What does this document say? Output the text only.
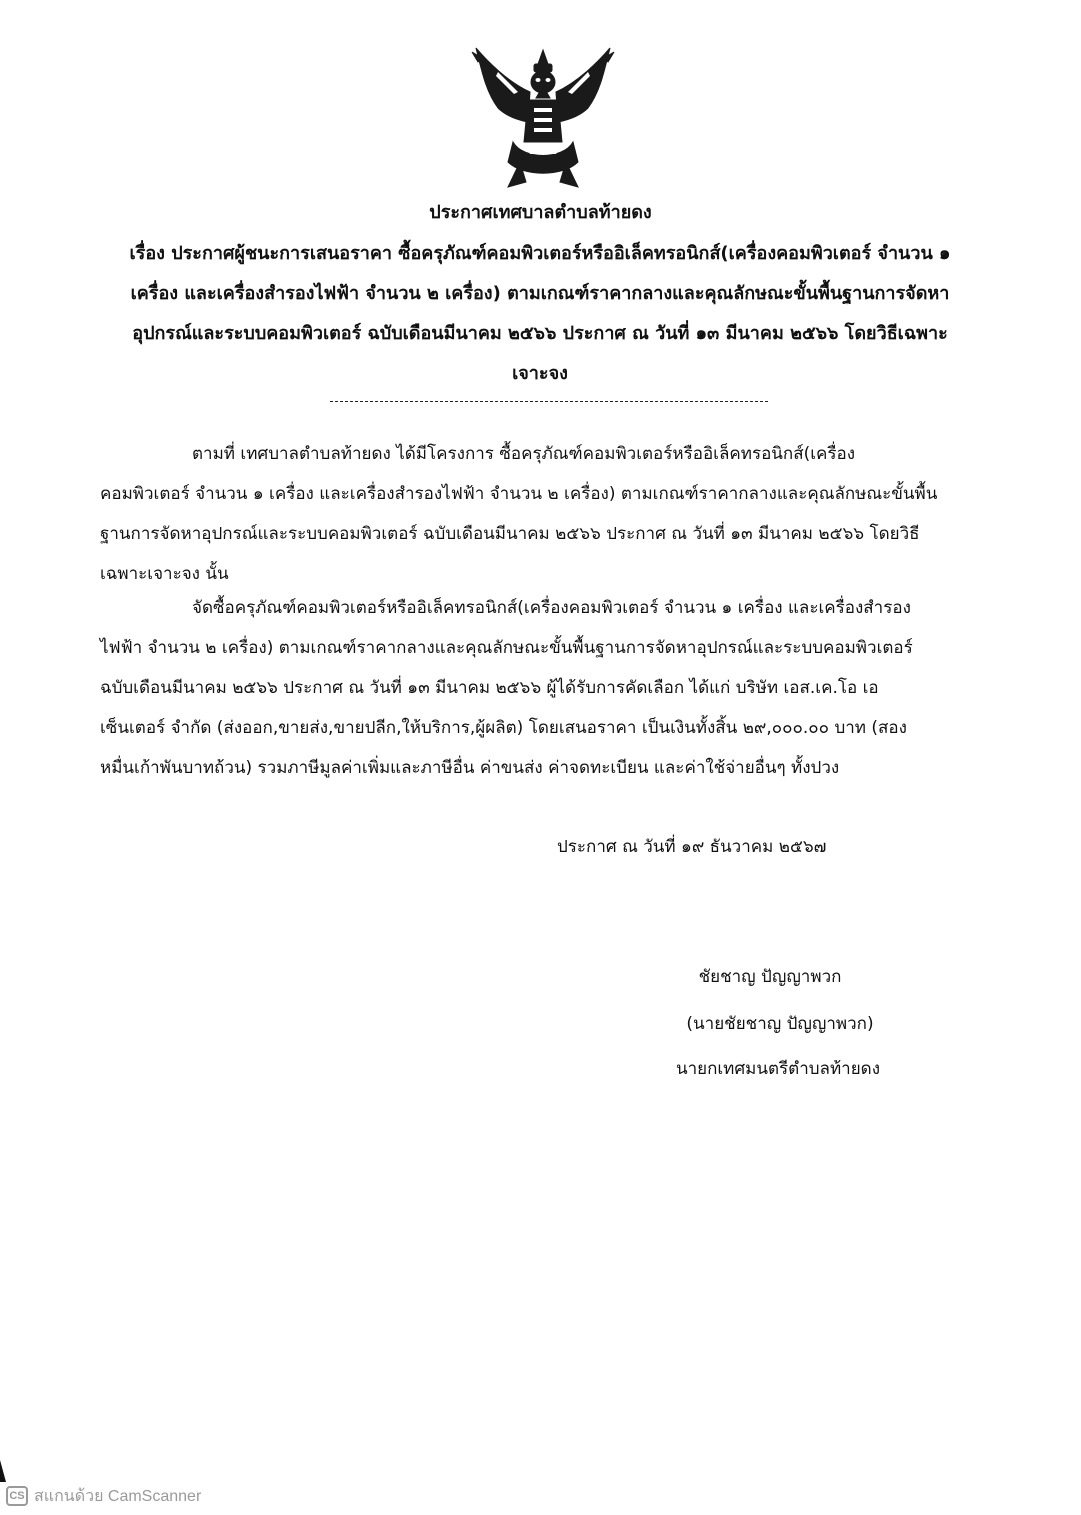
ประกาศเทศบาลตำบลท้ายดง
เรื่อง ประกาศผู้ชนะการเสนอราคา ซื้อครุภัณฑ์คอมพิวเตอร์หรืออิเล็คทรอนิกส์(เครื่องคอมพิวเตอร์ จำนวน ๑
เครื่อง และเครื่องสำรองไฟฟ้า จำนวน ๒ เครื่อง) ตามเกณฑ์ราคากลางและคุณลักษณะขั้นพื้นฐานการจัดหา
อุปกรณ์และระบบคอมพิวเตอร์ ฉบับเดือนมีนาคม ๒๕๖๖ ประกาศ ณ วันที่ ๑๓ มีนาคม ๒๕๖๖ โดยวิธีเฉพาะ
เจาะจง
ตามที่ เทศบาลตำบลท้ายดง ได้มีโครงการ ซื้อครุภัณฑ์คอมพิวเตอร์หรืออิเล็คทรอนิกส์(เครื่อง
คอมพิวเตอร์ จำนวน ๑ เครื่อง และเครื่องสำรองไฟฟ้า จำนวน ๒ เครื่อง) ตามเกณฑ์ราคากลางและคุณลักษณะขั้นพื้น
ฐานการจัดหาอุปกรณ์และระบบคอมพิวเตอร์ ฉบับเดือนมีนาคม ๒๕๖๖ ประกาศ ณ วันที่ ๑๓ มีนาคม ๒๕๖๖ โดยวิธี
เฉพาะเจาะจง นั้น
จัดซื้อครุภัณฑ์คอมพิวเตอร์หรืออิเล็คทรอนิกส์(เครื่องคอมพิวเตอร์ จำนวน ๑ เครื่อง และเครื่องสำรอง
ไฟฟ้า จำนวน ๒ เครื่อง) ตามเกณฑ์ราคากลางและคุณลักษณะขั้นพื้นฐานการจัดหาอุปกรณ์และระบบคอมพิวเตอร์
ฉบับเดือนมีนาคม ๒๕๖๖ ประกาศ ณ วันที่ ๑๓ มีนาคม ๒๕๖๖ ผู้ได้รับการคัดเลือก ได้แก่ บริษัท เอส.เค.โอ เอ
เซ็นเตอร์ จำกัด (ส่งออก,ขายส่ง,ขายปลีก,ให้บริการ,ผู้ผลิต) โดยเสนอราคา เป็นเงินทั้งสิ้น ๒๙,๐๐๐.๐๐ บาท (สอง
หมื่นเก้าพันบาทถ้วน) รวมภาษีมูลค่าเพิ่มและภาษีอื่น ค่าขนส่ง ค่าจดทะเบียน และค่าใช้จ่ายอื่นๆ ทั้งปวง
ประกาศ ณ วันที่ ๑๙ ธันวาคม ๒๕๖๗
ชัยชาญ ปัญญาพวก
(นายชัยชาญ ปัญญาพวก)
นายกเทศมนตรีตำบลท้ายดง
CS สแกนด้วย CamScanner
